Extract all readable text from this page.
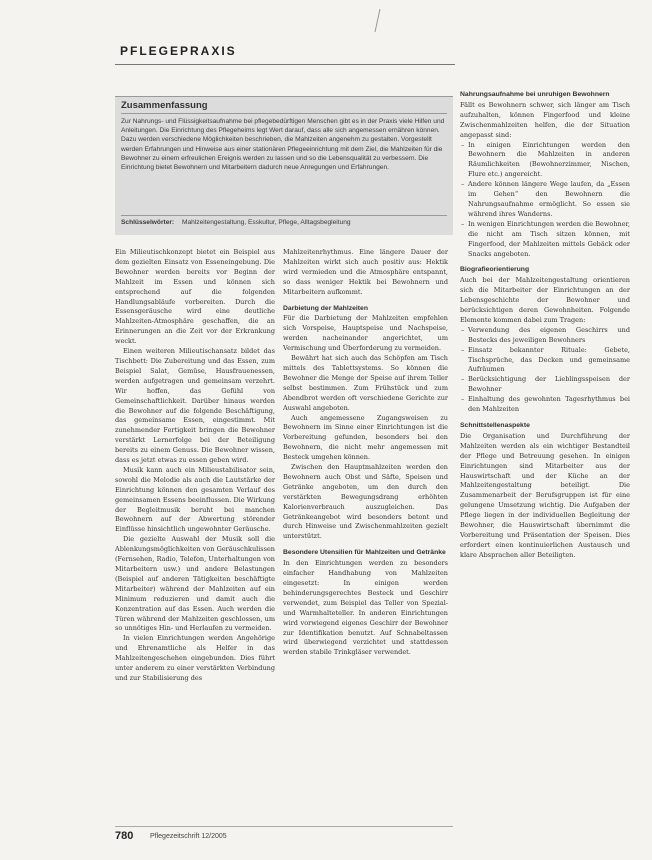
PFLEGEPRAXIS
Zusammenfassung
Zur Nahrungs- und Flüssigkeitsaufnahme bei pflegebedürftigen Menschen gibt es in der Praxis viele Hilfen und Anleitungen. Die Einrichtung des Pflegeheims legt Wert darauf, dass alle sich angemessen ernähren können. Dazu werden verschiedene Möglichkeiten beschrieben, die Mahlzeiten angenehm zu gestalten. Vorgestellt werden Erfahrungen und Hinweise aus einer stationären Pflegeeinrichtung mit dem Ziel, die Mahlzeiten für die Bewohner zu einem erfreulichen Ereignis werden zu lassen und so die Lebensqualität zu verbessern. Die Einrichtung bietet Bewohnern und Mitarbeitern dadurch neue Anregungen und Erfahrungen.
Schlüsselwörter: Mahlzeitengestaltung, Esskultur, Pflege, Alltagsbegleitung

Ein Milieutischkonzept bietet ein Beispiel aus dem gezielten Einsatz von Esseneingebung. Die Bewohner werden bereits vor Beginn der Mahlzeit im Essen und können sich entsprechend auf die folgenden Handlungsabläufe vorbereiten. Durch die Essensgeräusche wird eine deutliche Mahlzeiten-Atmosphäre geschaffen, die an Erinnerungen an die Zeit vor der Erkrankung weckt.

Einen weiteren Milieutischansatz bildet das Tischbett: Die Zubereitung und das Essen, zum Beispiel Salat, Gemüse, Hausfrauenessen, werden aufgetragen und gemeinsam verzehrt. Wir hoffen, das Gefühl von Gemeinschaftlichkeit. Darüber hinaus werden die Bewohner auf die folgende Beschäftigung, das gemeinsame Essen, eingestimmt. Mit zunehmender Fertigkeit bringen die Bewohner verstärkt Lernerfolge bei der Beteiligung bereits zu einem Genuss. Die Bewohner wissen, dass es jetzt etwas zu essen geben wird.

Musik kann auch ein Milieustabilisator sein, sowohl die Melodie als auch die Lautstärke der Einrichtung können den gesamten Verlauf des gemeinsamen Essens beeinflussen. Die Wirkung der Begleitmusik beruht bei manchen Bewohnern auf der Abwertung störender Einflüsse hinsichtlich ungewohnter Geräusche.

Die gezielte Auswahl der Musik soll die Ablenkungsmöglichkeiten von Geräuschkulissen (Fernsehen, Radio, Telefon, Unterhaltungen von Mitarbeitern usw.) und andere Belastungen (Beispiel auf anderen Tätigkeiten beschäftigte Mitarbeiter) während der Mahlzeiten auf ein Minimum reduzieren und damit auch die Konzentration auf das Essen. Auch werden die Türen während der Mahlzeiten geschlossen, um so unnötiges Hin- und Herlaufen zu vermeiden.

In vielen Einrichtungen werden Angehörige und Ehrenamtliche als Helfer in das Mahlzeitengeschehen eingebunden. Dies führt unter anderem zu einer verstärkten Verbindung und zur Stabilisierung des

Mahlzeitenrhythmus. Eine längere Dauer der Mahlzeiten wirkt sich auch positiv aus: Hektik wird vermieden und die Atmosphäre entspannt, so dass weniger Hektik bei Bewohnern und Mitarbeitern aufkommt.

Darbietung der Mahlzeiten

Für die Darbietung der Mahlzeiten empfehlen sich Vorspeise, Hauptspeise und Nachspeise, werden nacheinander angerichtet, um Vermischung und Überforderung zu vermeiden.

Bewährt hat sich auch das Schöpfen am Tisch mittels des Tablettsystems. So können die Bewohner die Menge der Speise auf ihrem Teller selbst bestimmen. Zum Frühstück und zum Abendbrot werden oft verschiedene Gerichte zur Auswahl angeboten.

Auch angemessene Zugangsweisen zu Bewohnern im Sinne einer Einrichtungen ist die Vorbereitung gefunden, besonders bei den Bewohnern, die nicht mehr angemessen mit Besteck umgehen können.

Zwischen den Hauptmahlzeiten werden den Bewohnern auch Obst und Säfte, Speisen und Getränke angeboten, um den durch den verstärkten Bewegungsdrang erhöhten Kalorienverbrauch auszugleichen. Das Getränkeangebot wird besonders betont und durch Hinweise und Zwischenmahlzeiten gezielt unterstützt.

Besondere Utensilien für Mahlzeiten und Getränke

In den Einrichtungen werden zu besonders einfacher Handhabung von Mahlzeiten eingesetzt: In einigen werden behinderungsgerechtes Besteck und Geschirr verwendet, zum Beispiel das Teller von Spezial- und Warmhalteteller. In anderen Einrichtungen wird vorwiegend eigenes Geschirr der Bewohner zur Identifikation benutzt. Auf Schnabeltassen wird überwiegend verzichtet und stattdessen werden stabile Trinkgläser verwendet.

Nahrungsaufnahme bei unruhigen Bewohnern

Fällt es Bewohnern schwer, sich länger am Tisch aufzuhalten, können Fingerfood und kleine Zwischenmahlzeiten helfen, die der Situation angepasst sind:

– In einigen Einrichtungen werden den Bewohnern die Mahlzeiten in anderen Räumlichkeiten (Bewohnerzimmer, Nischen, Flure etc.) angereicht.
– Andere können längere Wege laufen, da „Essen im Gehen“ den Bewohnern die Nahrungsaufnahme ermöglicht. So essen sie während ihres Wanderns.
– In wenigen Einrichtungen werden die Bewohner, die nicht am Tisch sitzen können, mit Fingerfood, der Mahlzeiten mittels Gebäck oder Snacks angeboten.
Biografieorientierung

Auch bei der Mahlzeitengestaltung orientieren sich die Mitarbeiter der Einrichtungen an der Lebensgeschichte der Bewohner und berücksichtigen deren Gewohnheiten. Folgende Elemente kommen dabei zum Tragen:

– Verwendung des eigenen Geschirrs und Bestecks des jeweiligen Bewohners
– Einsatz bekannter Rituale: Gebete, Tischsprüche, das Decken und gemeinsame Aufräumen
– Berücksichtigung der Lieblingsspeisen der Bewohner
– Einhaltung des gewohnten Tagesrhythmus bei den Mahlzeiten
Schnittstellenaspekte

Die Organisation und Durchführung der Mahlzeiten werden als ein wichtiger Bestandteil der Pflege und Betreuung gesehen. In einigen Einrichtungen sind Mitarbeiter aus der Hauswirtschaft und der Küche an der Mahlzeitengestaltung beteiligt. Die Zusammenarbeit der Berufsgruppen ist für eine gelungene Umsetzung wichtig. Die Aufgaben der Pflege liegen in der individuellen Begleitung der Bewohner, die Hauswirtschaft übernimmt die Vorbereitung und Präsentation der Speisen. Dies erfordert einen kontinuierlichen Austausch und klare Absprachen aller Beteiligten.

780 Pflegezeitschrift 12/2005
